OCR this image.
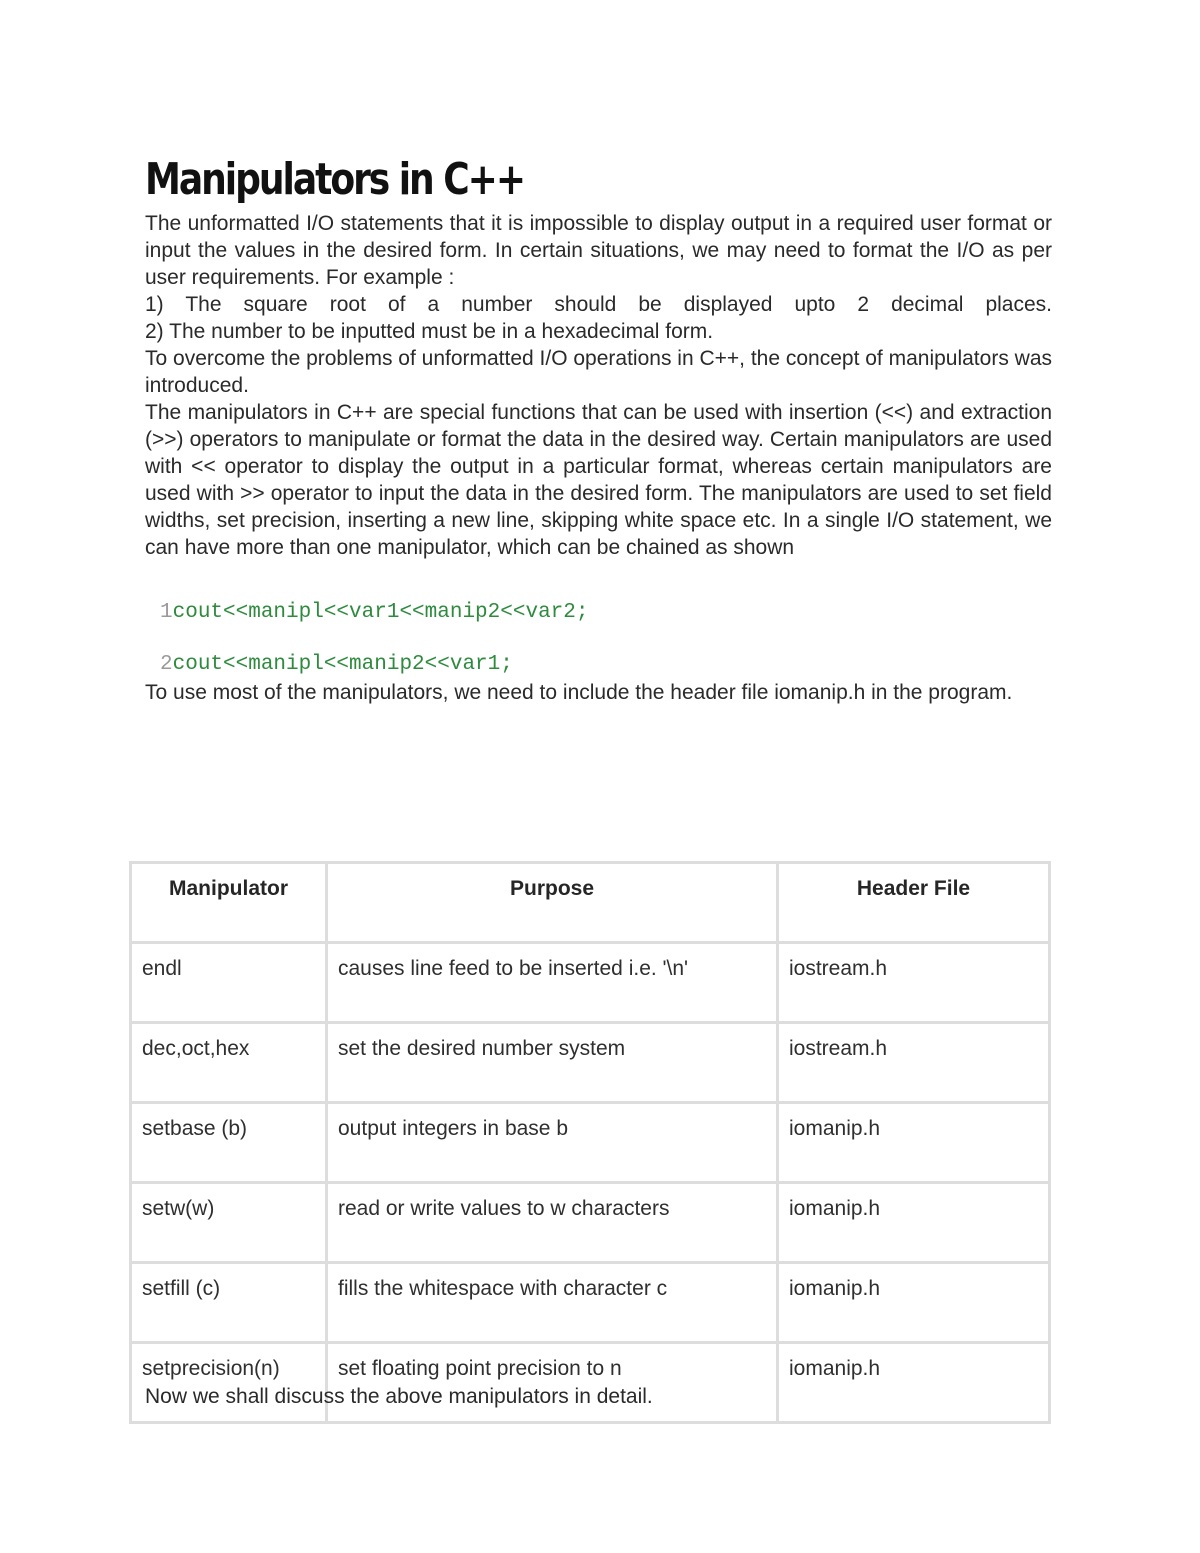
Manipulators in C++

The unformatted I/O statements that it is impossible to display output in a required user format or input the values in the desired form. In certain situations, we may need to format the I/O as per user requirements. For example :

1) The square root of a number should be displayed upto 2 decimal places.
2) The number to be inputted must be in a hexadecimal form.

To overcome the problems of unformatted I/O operations in C++, the concept of manipulators was introduced.

The manipulators in C++ are special functions that can be used with insertion (<<) and extraction (>>) operators to manipulate or format the data in the desired way. Certain manipulators are used with << operator to display the output in a particular format, whereas certain manipulators are used with >> operator to input the data in the desired form. The manipulators are used to set field widths, set precision, inserting a new line, skipping white space etc. In a single I/O statement, we can have more than one manipulator, which can be chained as shown

1cout<<manipl<<var1<<manip2<<var2;
2cout<<manipl<<manip2<<var1;

To use most of the manipulators, we need to include the header file iomanip.h in the program.

Manipulator	Purpose	Header File
endl	causes line feed to be inserted i.e. '\n'	iostream.h
dec,oct,hex	set the desired number system	iostream.h
setbase (b)	output integers in base b	iomanip.h
setw(w)	read or write values to w characters	iomanip.h
setfill (c)	fills the whitespace with character c	iomanip.h
setprecision(n)	set floating point precision to n	iomanip.h

Now we shall discuss the above manipulators in detail.
